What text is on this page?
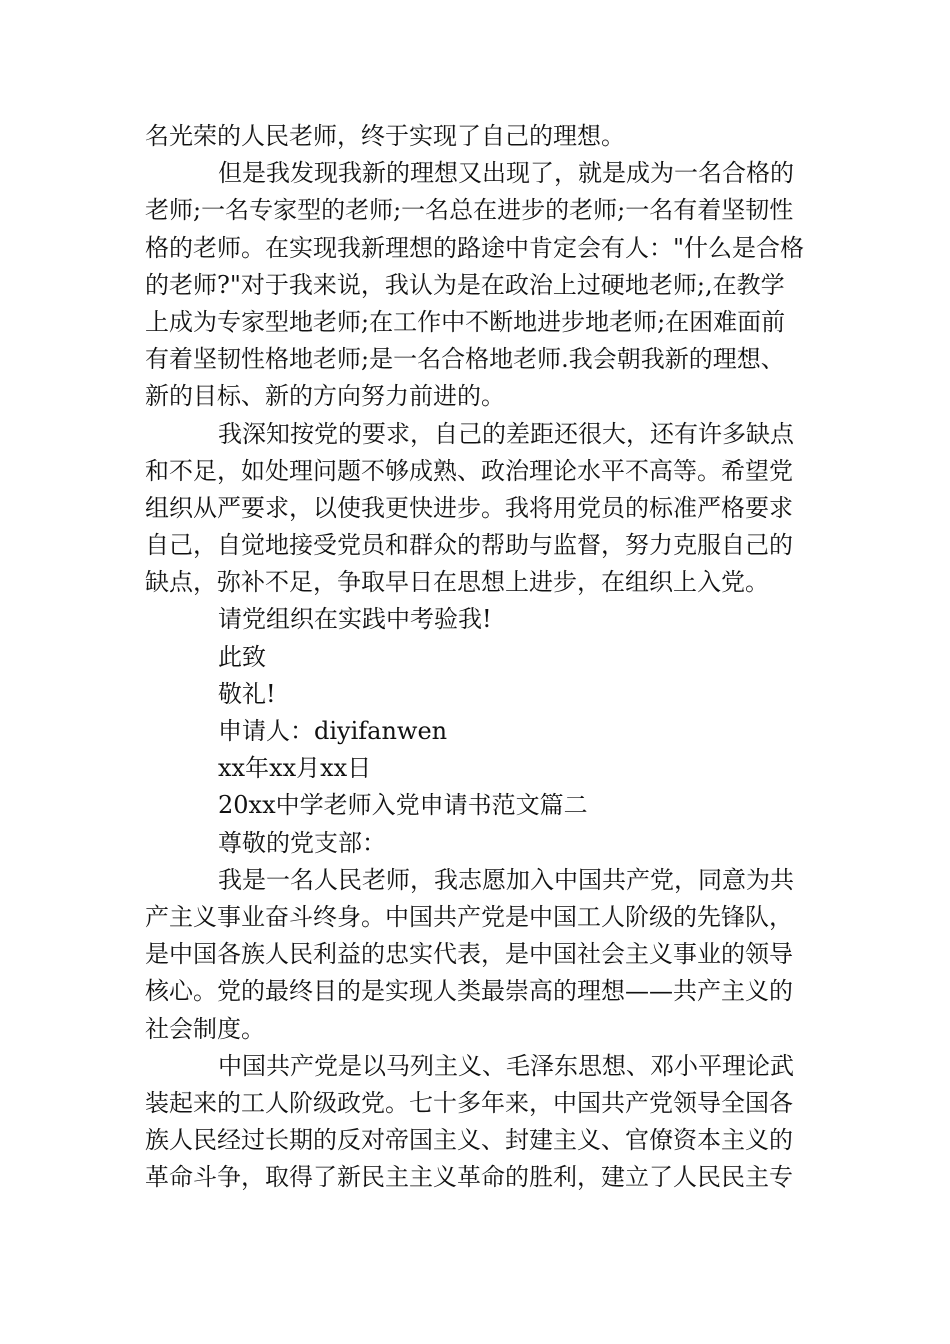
名光荣的人民老师，终于实现了自己的理想。
但是我发现我新的理想又出现了，就是成为一名合格的
老师;一名专家型的老师;一名总在进步的老师;一名有着坚韧性
格的老师。在实现我新理想的路途中肯定会有人："什么是合格
的老师?"对于我来说，我认为是在政治上过硬地老师;,在教学
上成为专家型地老师;在工作中不断地进步地老师;在困难面前
有着坚韧性格地老师;是一名合格地老师.我会朝我新的理想、
新的目标、新的方向努力前进的。
我深知按党的要求，自己的差距还很大，还有许多缺点
和不足，如处理问题不够成熟、政治理论水平不高等。希望党
组织从严要求，以使我更快进步。我将用党员的标准严格要求
自己，自觉地接受党员和群众的帮助与监督，努力克服自己的
缺点，弥补不足，争取早日在思想上进步，在组织上入党。
请党组织在实践中考验我!
此致
敬礼!
申请人：diyifanwen
xx年xx月xx日
20xx中学老师入党申请书范文篇二
尊敬的党支部：
我是一名人民老师，我志愿加入中国共产党，同意为共
产主义事业奋斗终身。中国共产党是中国工人阶级的先锋队，
是中国各族人民利益的忠实代表，是中国社会主义事业的领导
核心。党的最终目的是实现人类最崇高的理想——共产主义的
社会制度。
中国共产党是以马列主义、毛泽东思想、邓小平理论武
装起来的工人阶级政党。七十多年来，中国共产党领导全国各
族人民经过长期的反对帝国主义、封建主义、官僚资本主义的
革命斗争，取得了新民主主义革命的胜利，建立了人民民主专
